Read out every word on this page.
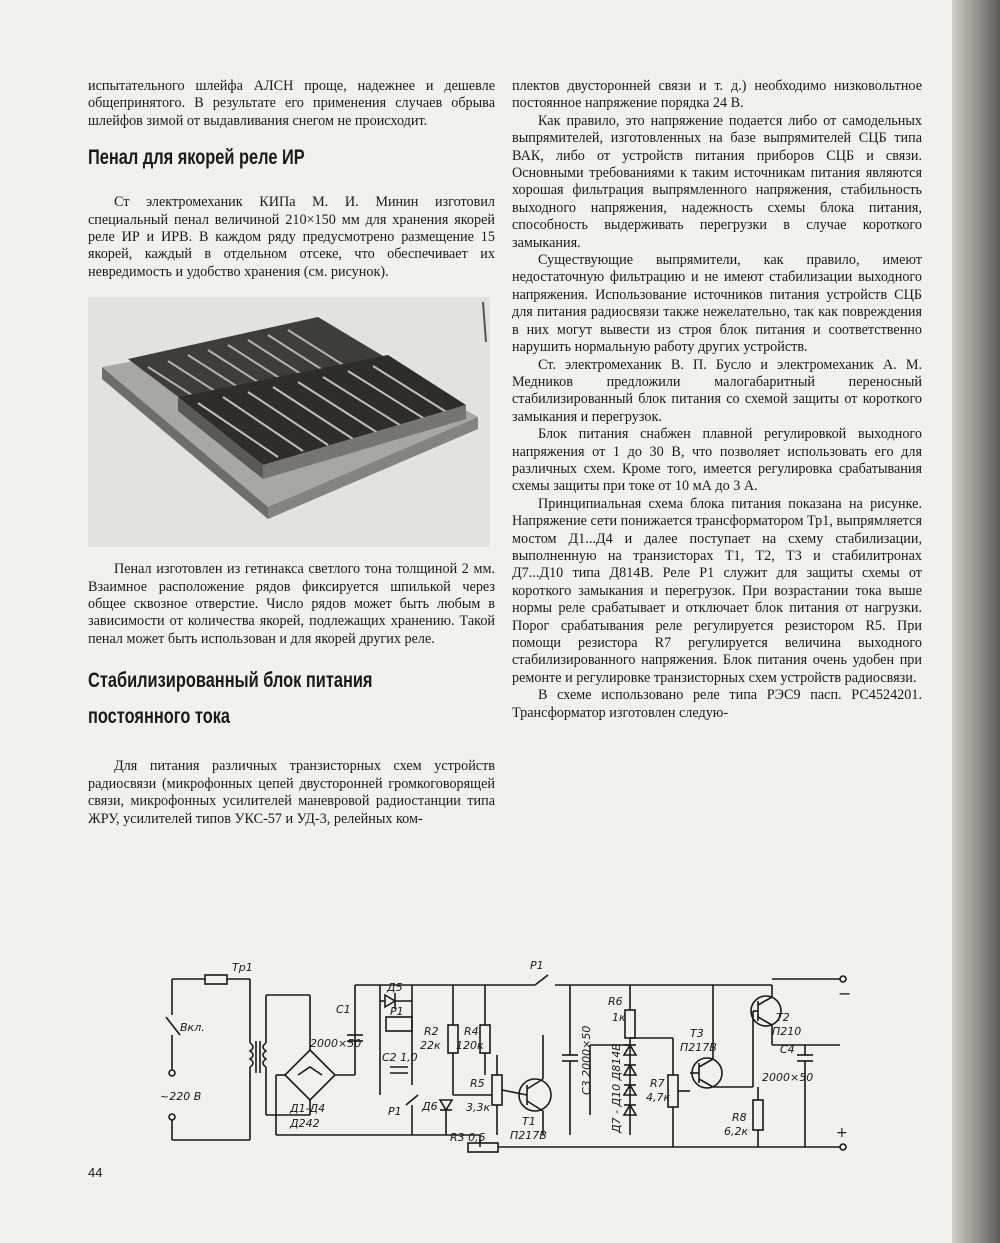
испытательного шлейфа АЛСН проще, надежнее и дешевле общепринятого. В результате его применения случаев обрыва шлейфов зимой от выдавливания снегом не происходит.

Пенал для якорей реле ИР

Ст электромеханик КИПа М. И. Минин изготовил специальный пенал величиной 210×150 мм для хранения якорей реле ИР и ИРВ. В каждом ряду предусмотрено размещение 15 якорей, каждый в отдельном отсеке, что обеспечивает их невредимость и удобство хранения (см. рисунок).

Пенал изготовлен из гетинакса светлого тона толщиной 2 мм. Взаимное расположение рядов фиксируется шпилькой через общее сквозное отверстие. Число рядов может быть любым в зависимости от количества якорей, подлежащих хранению. Такой пенал может быть использован и для якорей других реле.

Стабилизированный блок питания

постоянного тока

Для питания различных транзисторных схем устройств радиосвязи (микрофонных цепей двусторонней громкоговорящей связи, микрофонных усилителей маневровой радиостанции типа ЖРУ, усилителей типов УКС-57 и УД-3, релейных ком-

плектов двусторонней связи и т. д.) необходимо низковольтное постоянное напряжение порядка 24 В.

Как правило, это напряжение подается либо от самодельных выпрямителей, изготовленных на базе выпрямителей СЦБ типа ВАК, либо от устройств питания приборов СЦБ и связи. Основными требованиями к таким источникам питания являются хорошая фильтрация выпрямленного напряжения, стабильность выходного напряжения, надежность схемы блока питания, способность выдерживать перегрузки в случае короткого замыкания.

Существующие выпрямители, как правило, имеют недостаточную фильтрацию и не имеют стабилизации выходного напряжения. Использование источников питания устройств СЦБ для питания радиосвязи также нежелательно, так как повреждения в них могут вывести из строя блок питания и соответственно нарушить нормальную работу других устройств.

Ст. электромеханик В. П. Бусло и электромеханик А. М. Медников предложили малогабаритный переносный стабилизированный блок питания со схемой защиты от короткого замыкания и перегрузок.

Блок питания снабжен плавной регулировкой выходного напряжения от 1 до 30 В, что позволяет использовать его для различных схем. Кроме того, имеется регулировка срабатывания схемы защиты при токе от 10 мА до 3 А.

Принципиальная схема блока питания показана на рисунке. Напряжение сети понижается трансформатором Тр1, выпрямляется мостом Д1...Д4 и далее поступает на схему стабилизации, выполненную на транзисторах Т1, Т2, Т3 и стабилитронах Д7...Д10 типа Д814В. Реле Р1 служит для защиты схемы от короткого замыкания и перегрузок. При возрастании тока выше нормы реле срабатывает и отключает блок питания от нагрузки. Порог срабатывания реле регулируется резистором R5. При помощи резистора R7 регулируется величина выходного стабилизированного напряжения. Блок питания очень удобен при ремонте и регулировке транзисторных схем устройств радиосвязи.

В схеме использовано реле типа РЭС9 пасп. РС4524201. Трансформатор изготовлен следую-

Tр1
Вкл.
~220 В
C1
2000×50
Д1-Д4
Д242
Д5
P1
C2 1,0
P1 Д6
R2
22к
R4
120к
R5
3,3к
R3 0,5
T1
П217В
P1
C3 2000×50
R6
1к
Д7 - Д10 Д814В R7
4,7к
T3
П217В
T2
П210
C4
2000×50
R8
6,2к
−
+
44
